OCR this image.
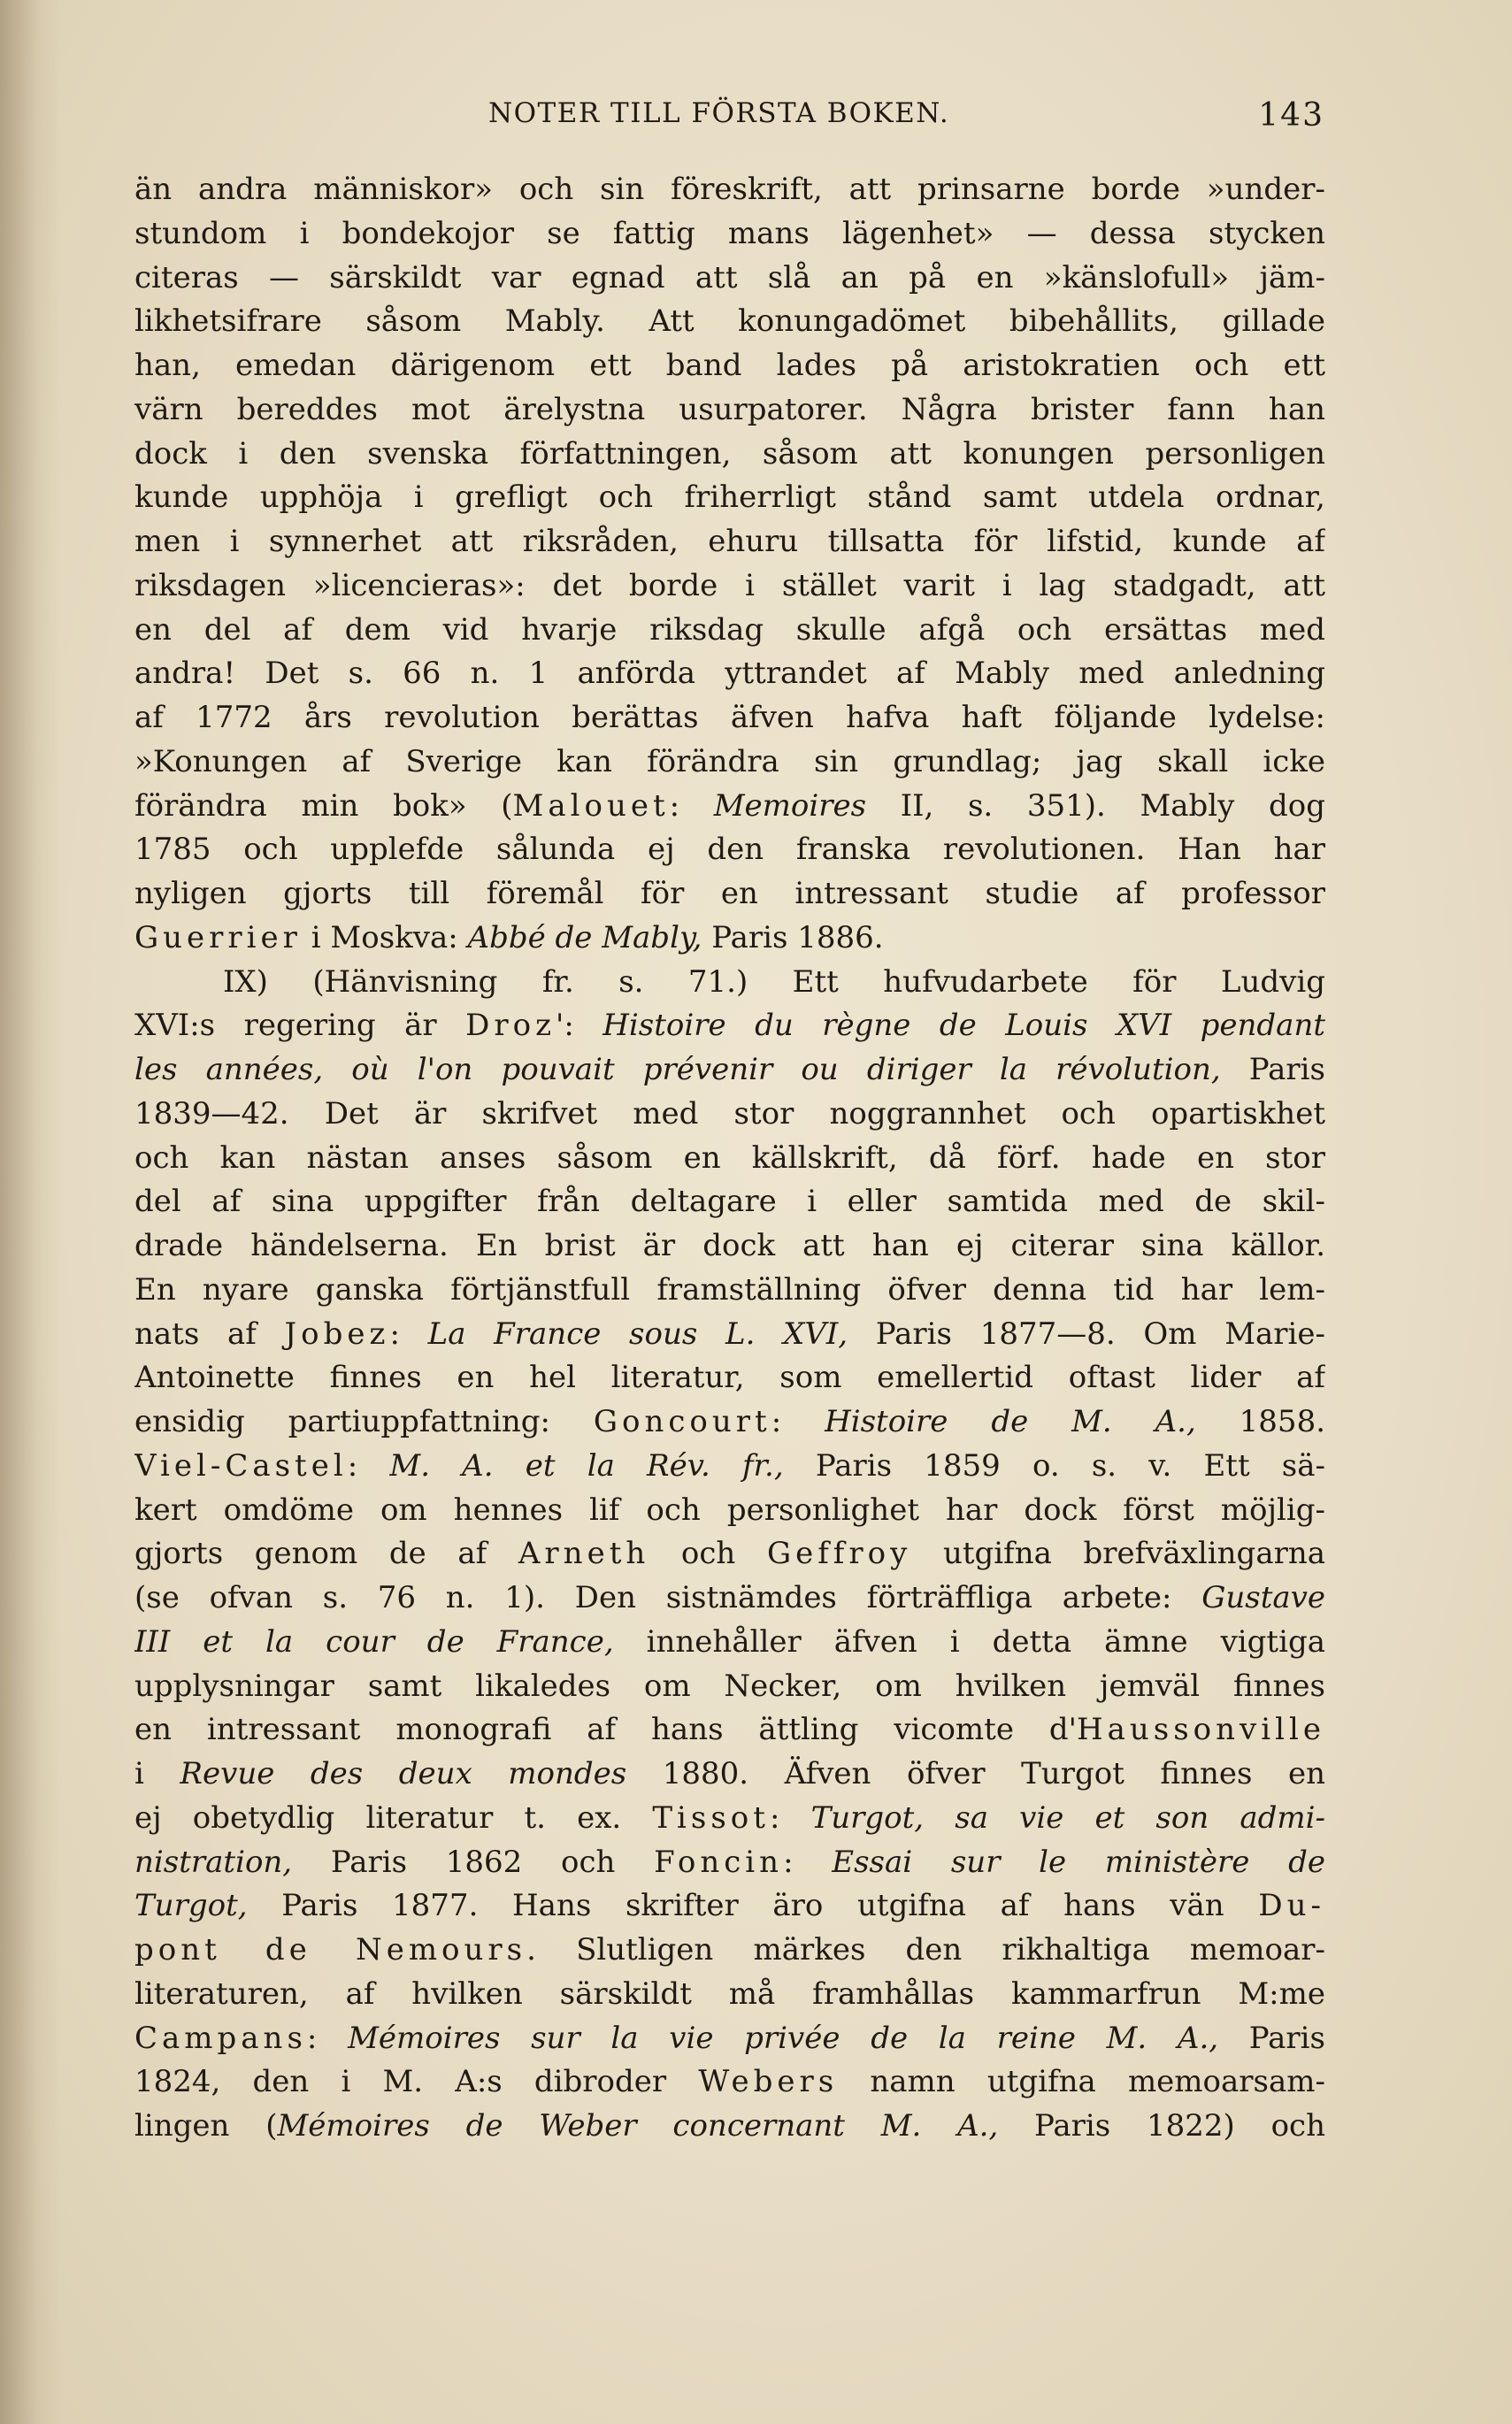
NOTER TILL FÖRSTA BOKEN.	143
än andra människor» och sin föreskrift, att prinsarne borde »under-
stundom i bondekojor se fattig mans lägenhet» — dessa stycken
citeras — särskildt var egnad att slå an på en »känslofull» jäm-
likhetsifrare såsom Mably. Att konungadömet bibehållits, gillade
han, emedan därigenom ett band lades på aristokratien och ett
värn bereddes mot ärelystna usurpatorer. Några brister fann han
dock i den svenska författningen, såsom att konungen personligen
kunde upphöja i grefligt och friherrligt stånd samt utdela ordnar,
men i synnerhet att riksråden, ehuru tillsatta för lifstid, kunde af
riksdagen »licencieras»: det borde i stället varit i lag stadgadt, att
en del af dem vid hvarje riksdag skulle afgå och ersättas med
andra! Det s. 66 n. 1 anförda yttrandet af Mably med anledning
af 1772 års revolution berättas äfven hafva haft följande lydelse:
»Konungen af Sverige kan förändra sin grundlag; jag skall icke
förändra min bok» (Malouet: Memoires II, s. 351). Mably dog
1785 och upplefde sålunda ej den franska revolutionen. Han har
nyligen gjorts till föremål för en intressant studie af professor
Guerrier i Moskva: Abbé de Mably, Paris 1886.
IX) (Hänvisning fr. s. 71.) Ett hufvudarbete för Ludvig
XVI:s regering är Droz': Histoire du règne de Louis XVI pendant
les années, où l'on pouvait prévenir ou diriger la révolution, Paris
1839—42. Det är skrifvet med stor noggrannhet och opartiskhet
och kan nästan anses såsom en källskrift, då förf. hade en stor
del af sina uppgifter från deltagare i eller samtida med de skil-
drade händelserna. En brist är dock att han ej citerar sina källor.
En nyare ganska förtjänstfull framställning öfver denna tid har lem-
nats af Jobez: La France sous L. XVI, Paris 1877—8. Om Marie-
Antoinette finnes en hel literatur, som emellertid oftast lider af
ensidig partiuppfattning: Goncourt: Histoire de M. A., 1858.
Viel-Castel: M. A. et la Rév. fr., Paris 1859 o. s. v. Ett sä-
kert omdöme om hennes lif och personlighet har dock först möjlig-
gjorts genom de af Arneth och Geffroy utgifna brefväxlingarna
(se ofvan s. 76 n. 1). Den sistnämdes förträffliga arbete: Gustave
III et la cour de France, innehåller äfven i detta ämne vigtiga
upplysningar samt likaledes om Necker, om hvilken jemväl finnes
en intressant monografi af hans ättling vicomte d'Haussonville
i Revue des deux mondes 1880. Äfven öfver Turgot finnes en
ej obetydlig literatur t. ex. Tissot: Turgot, sa vie et son admi-
nistration, Paris 1862 och Foncin: Essai sur le ministère de
Turgot, Paris 1877. Hans skrifter äro utgifna af hans vän Du-
pont de Nemours. Slutligen märkes den rikhaltiga memoar-
literaturen, af hvilken särskildt må framhållas kammarfrun M:me
Campans: Mémoires sur la vie privée de la reine M. A., Paris
1824, den i M. A:s dibroder Webers namn utgifna memoarsam-
lingen (Mémoires de Weber concernant M. A., Paris 1822) och
